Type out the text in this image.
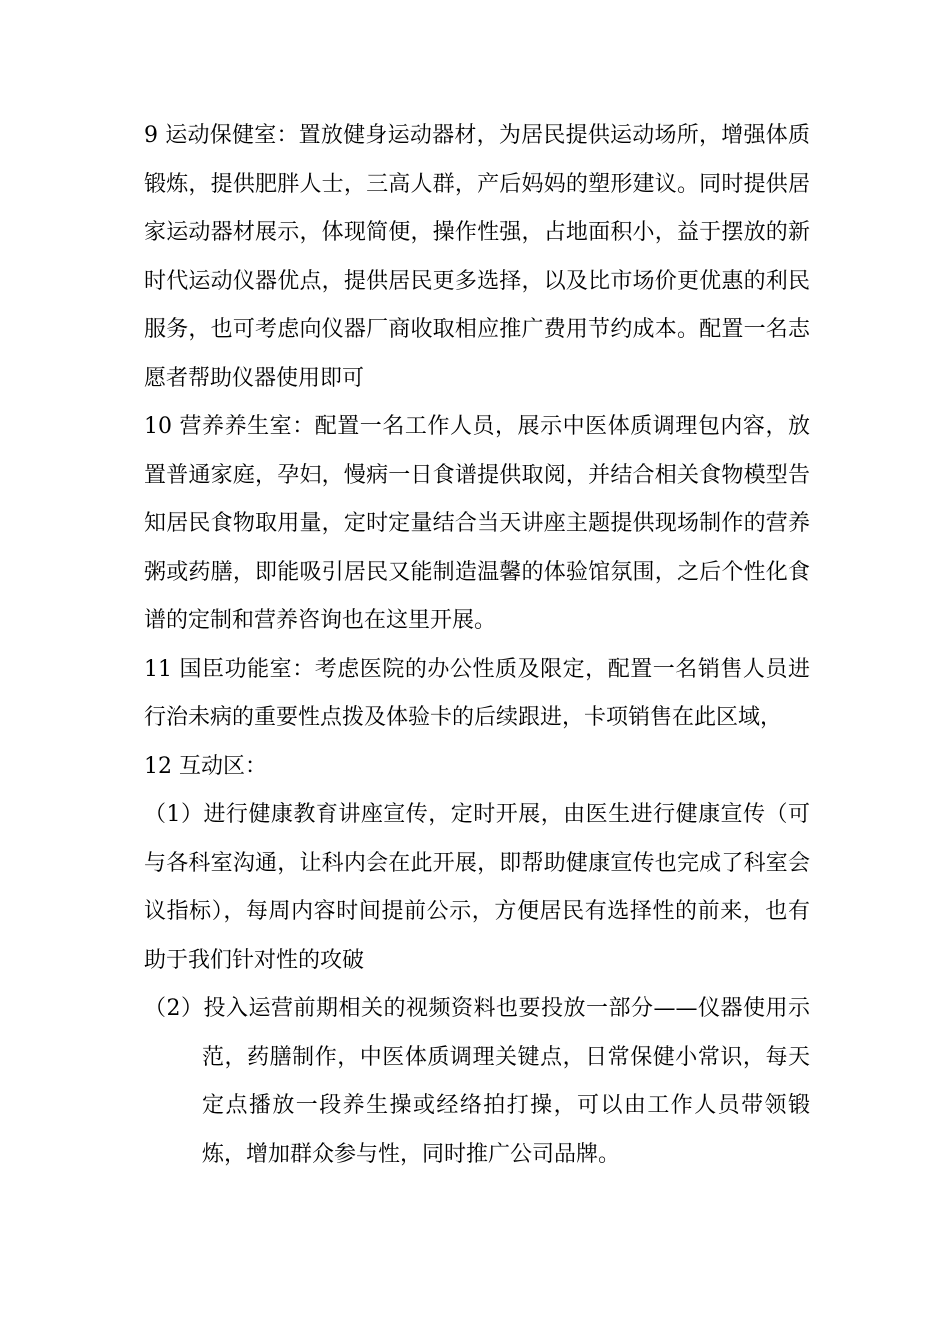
9 运动保健室：置放健身运动器材，为居民提供运动场所，增强体质锻炼，提供肥胖人士，三高人群，产后妈妈的塑形建议。同时提供居家运动器材展示，体现简便，操作性强，占地面积小，益于摆放的新时代运动仪器优点，提供居民更多选择，以及比市场价更优惠的利民服务，也可考虑向仪器厂商收取相应推广费用节约成本。配置一名志愿者帮助仪器使用即可

10 营养养生室：配置一名工作人员，展示中医体质调理包内容，放置普通家庭，孕妇，慢病一日食谱提供取阅，并结合相关食物模型告知居民食物取用量，定时定量结合当天讲座主题提供现场制作的营养粥或药膳，即能吸引居民又能制造温馨的体验馆氛围，之后个性化食谱的定制和营养咨询也在这里开展。

11 国臣功能室：考虑医院的办公性质及限定，配置一名销售人员进行治未病的重要性点拨及体验卡的后续跟进，卡项销售在此区域，

12 互动区：

（1）进行健康教育讲座宣传，定时开展，由医生进行健康宣传（可与各科室沟通，让科内会在此开展，即帮助健康宣传也完成了科室会议指标），每周内容时间提前公示，方便居民有选择性的前来，也有助于我们针对性的攻破

（2）投入运营前期相关的视频资料也要投放一部分——仪器使用示范，药膳制作，中医体质调理关键点，日常保健小常识，每天定点播放一段养生操或经络拍打操，可以由工作人员带领锻炼，增加群众参与性，同时推广公司品牌。
